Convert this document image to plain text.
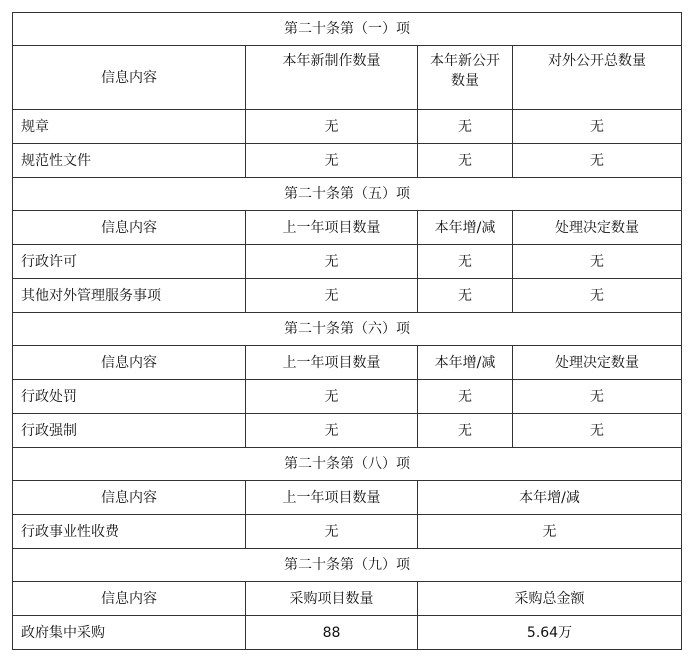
第二十条第（一）项			
信息内容	本年新制作数量	本年新公开数量	对外公开总数量
规章	无	无	无
规范性文件	无	无	无
第二十条第（五）项			
信息内容	上一年项目数量	本年增/减	处理决定数量
行政许可	无	无	无
其他对外管理服务事项	无	无	无
第二十条第（六）项			
信息内容	上一年项目数量	本年增/减	处理决定数量
行政处罚	无	无	无
行政强制	无	无	无
第二十条第（八）项			
信息内容	上一年项目数量	本年增/减	
行政事业性收费	无	无	
第二十条第（九）项			
信息内容	采购项目数量	采购总金额	
政府集中采购	88	5.64万	
